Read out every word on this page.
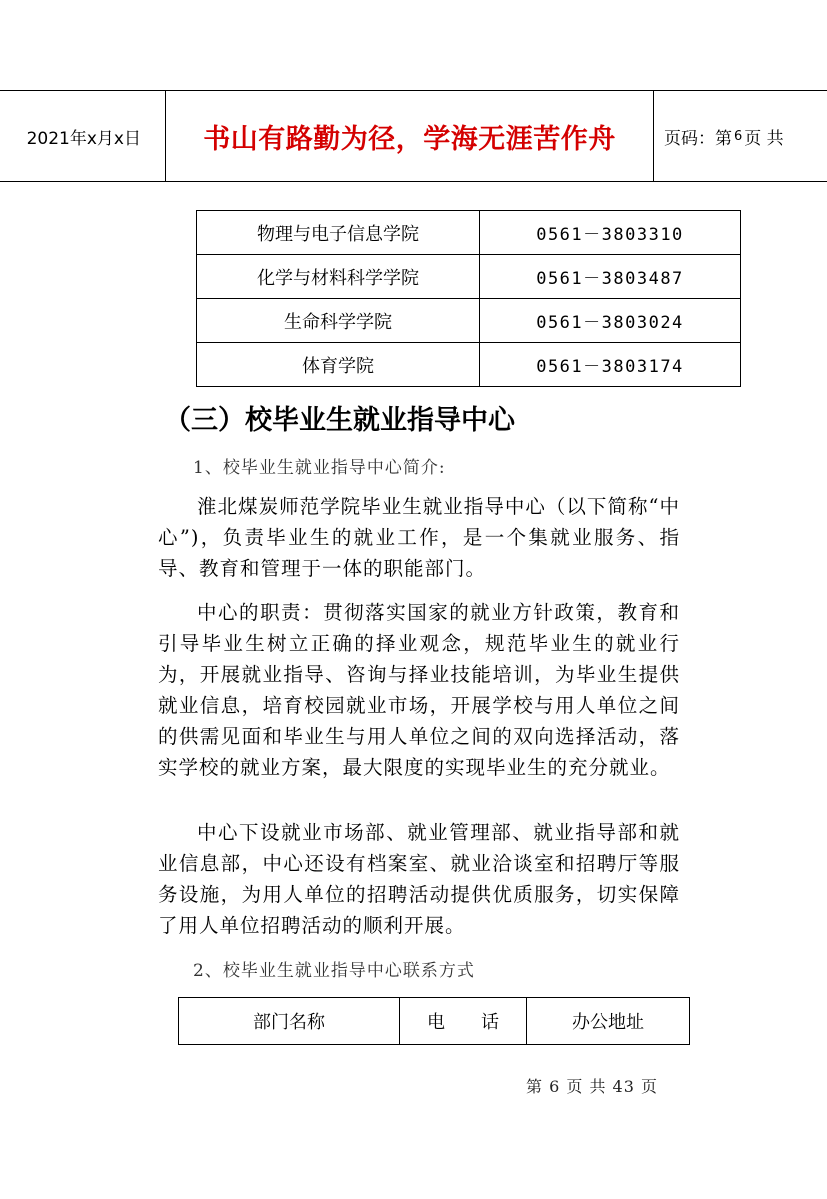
2021年x月x日	书山有路勤为径，学海无涯苦作舟	页码：第 6 页 共
物理与电子信息学院	0561－3803310
化学与材料科学学院	0561－3803487
生命科学学院	0561－3803024
体育学院	0561－3803174
（三）校毕业生就业指导中心
1、校毕业生就业指导中心简介:

淮北煤炭师范学院毕业生就业指导中心（以下简称“中心”)，负责毕业生的就业工作，是一个集就业服务、指导、教育和管理于一体的职能部门。

中心的职责：贯彻落实国家的就业方针政策，教育和引导毕业生树立正确的择业观念，规范毕业生的就业行为，开展就业指导、咨询与择业技能培训，为毕业生提供就业信息，培育校园就业市场，开展学校与用人单位之间的供需见面和毕业生与用人单位之间的双向选择活动，落实学校的就业方案，最大限度的实现毕业生的充分就业。

中心下设就业市场部、就业管理部、就业指导部和就业信息部，中心还设有档案室、就业洽谈室和招聘厅等服务设施，为用人单位的招聘活动提供优质服务，切实保障了用人单位招聘活动的顺利开展。

2、校毕业生就业指导中心联系方式
部门名称	电　　话	办公地址
第 6 页 共 43 页
